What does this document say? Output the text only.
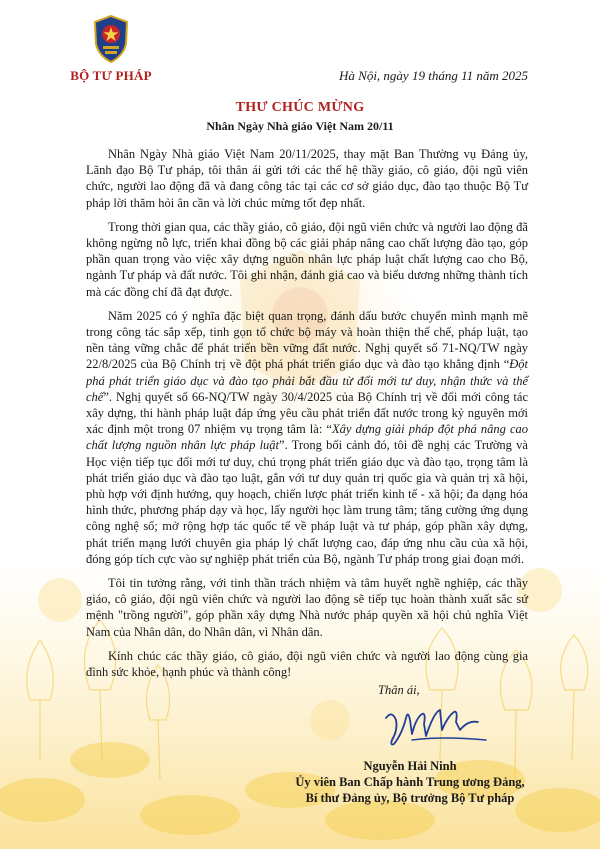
BỘ TƯ PHÁP	Hà Nội, ngày 19 tháng 11 năm 2025
THƯ CHÚC MỪNG
Nhân Ngày Nhà giáo Việt Nam 20/11

Nhân Ngày Nhà giáo Việt Nam 20/11/2025, thay mặt Ban Thường vụ Đảng ủy, Lãnh đạo Bộ Tư pháp, tôi thân ái gửi tới các thế hệ thầy giáo, cô giáo, đội ngũ viên chức, người lao động đã và đang công tác tại các cơ sở giáo dục, đào tạo thuộc Bộ Tư pháp lời thăm hỏi ân cần và lời chúc mừng tốt đẹp nhất.

Trong thời gian qua, các thầy giáo, cô giáo, đội ngũ viên chức và người lao động đã không ngừng nỗ lực, triển khai đồng bộ các giải pháp nâng cao chất lượng đào tạo, góp phần quan trọng vào việc xây dựng nguồn nhân lực pháp luật chất lượng cao cho Bộ, ngành Tư pháp và đất nước. Tôi ghi nhận, đánh giá cao và biểu dương những thành tích mà các đồng chí đã đạt được.

Năm 2025 có ý nghĩa đặc biệt quan trọng, đánh dấu bước chuyển mình mạnh mẽ trong công tác sắp xếp, tinh gọn tổ chức bộ máy và hoàn thiện thể chế, pháp luật, tạo nền tảng vững chắc để phát triển bền vững đất nước. Nghị quyết số 71-NQ/TW ngày 22/8/2025 của Bộ Chính trị về đột phá phát triển giáo dục và đào tạo khẳng định “Đột phá phát triển giáo dục và đào tạo phải bắt đầu từ đổi mới tư duy, nhận thức và thể chế”. Nghị quyết số 66-NQ/TW ngày 30/4/2025 của Bộ Chính trị về đổi mới công tác xây dựng, thi hành pháp luật đáp ứng yêu cầu phát triển đất nước trong kỷ nguyên mới xác định một trong 07 nhiệm vụ trọng tâm là: “Xây dựng giải pháp đột phá nâng cao chất lượng nguồn nhân lực pháp luật”. Trong bối cảnh đó, tôi đề nghị các Trường và Học viện tiếp tục đổi mới tư duy, chú trọng phát triển giáo dục và đào tạo, trọng tâm là phát triển giáo dục và đào tạo luật, gắn với tư duy quản trị quốc gia và quản trị xã hội, phù hợp với định hướng, quy hoạch, chiến lược phát triển kinh tế - xã hội; đa dạng hóa hình thức, phương pháp dạy và học, lấy người học làm trung tâm; tăng cường ứng dụng công nghệ số; mở rộng hợp tác quốc tế về pháp luật và tư pháp, góp phần xây dựng, phát triển mạng lưới chuyên gia pháp lý chất lượng cao, đáp ứng nhu cầu của xã hội, đóng góp tích cực vào sự nghiệp phát triển của Bộ, ngành Tư pháp trong giai đoạn mới.

Tôi tin tưởng rằng, với tinh thần trách nhiệm và tâm huyết nghề nghiệp, các thầy giáo, cô giáo, đội ngũ viên chức và người lao động sẽ tiếp tục hoàn thành xuất sắc sứ mệnh "trồng người", góp phần xây dựng Nhà nước pháp quyền xã hội chủ nghĩa Việt Nam của Nhân dân, do Nhân dân, vì Nhân dân.

Kính chúc các thầy giáo, cô giáo, đội ngũ viên chức và người lao động cùng gia đình sức khỏe, hạnh phúc và thành công!

Thân ái,
Nguyễn Hải Ninh
Ủy viên Ban Chấp hành Trung ương Đảng,
Bí thư Đảng ủy, Bộ trưởng Bộ Tư pháp
